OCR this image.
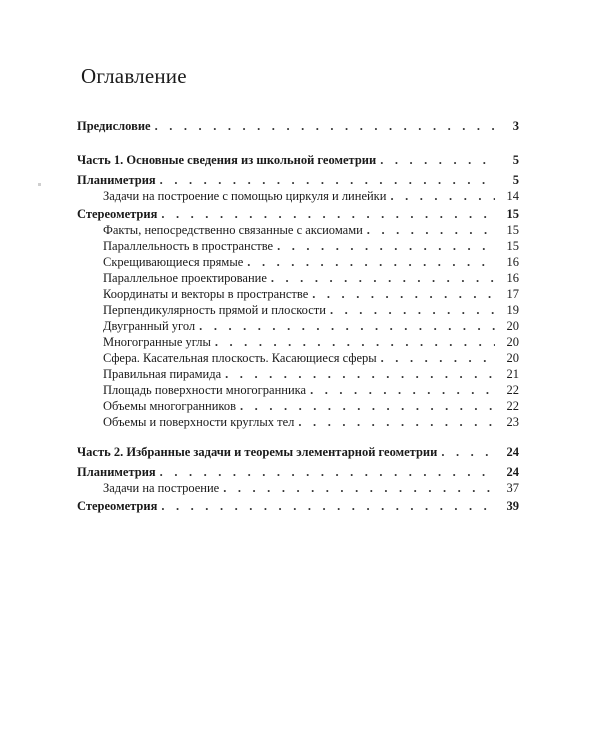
Оглавление
Предисловие . . .	3
Часть 1. Основные сведения из школьной геометрии . . .	5
Планиметрия . . .	5
Задачи на построение с помощью циркуля и линейки . . .	14
Стереометрия . . .	15
Факты, непосредственно связанные с аксиомами . . .	15
Параллельность в пространстве . . .	15
Скрещивающиеся прямые . . .	16
Параллельное проектирование . . .	16
Координаты и векторы в пространстве . . .	17
Перпендикулярность прямой и плоскости . . .	19
Двугранный угол . . .	20
Многогранные углы . . .	20
Сфера. Касательная плоскость. Касающиеся сферы . . .	20
Правильная пирамида . . .	21
Площадь поверхности многогранника . . .	22
Объемы многогранников . . .	22
Объемы и поверхности круглых тел . . .	23
Часть 2. Избранные задачи и теоремы элементарной геометрии . . .	24
Планиметрия . . .	24
Задачи на построение . . .	37
Стереометрия . . .	39
